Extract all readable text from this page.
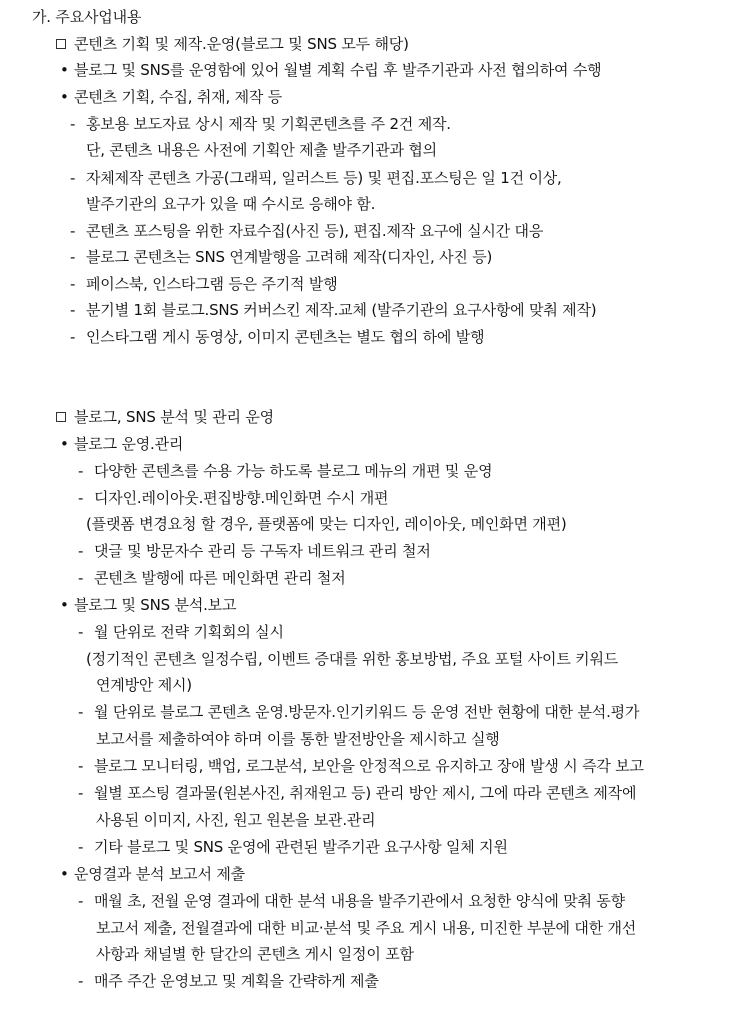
가. 주요사업내용
콘텐츠 기획 및 제작.운영(블로그 및 SNS 모두 해당)
• 블로그 및 SNS를 운영함에 있어 월별 계획 수립 후 발주기관과 사전 협의하여 수행
• 콘텐츠 기획, 수집, 취재, 제작 등
- 홍보용 보도자료 상시 제작 및 기획콘텐츠를 주 2건 제작.
단, 콘텐츠 내용은 사전에 기획안 제출 발주기관과 협의
- 자체제작 콘텐츠 가공(그래픽, 일러스트 등) 및 편집.포스팅은 일 1건 이상,
발주기관의 요구가 있을 때 수시로 응해야 함.
- 콘텐츠 포스팅을 위한 자료수집(사진 등), 편집.제작 요구에 실시간 대응
- 블로그 콘텐츠는 SNS 연계발행을 고려해 제작(디자인, 사진 등)
- 페이스북, 인스타그램 등은 주기적 발행
- 분기별 1회 블로그.SNS 커버스킨 제작.교체 (발주기관의 요구사항에 맞춰 제작)
- 인스타그램 게시 동영상, 이미지 콘텐츠는 별도 협의 하에 발행
블로그, SNS 분석 및 관리 운영
• 블로그 운영.관리
- 다양한 콘텐츠를 수용 가능 하도록 블로그 메뉴의 개편 및 운영
- 디자인.레이아웃.편집방향.메인화면 수시 개편
(플랫폼 변경요청 할 경우, 플랫폼에 맞는 디자인, 레이아웃, 메인화면 개편)
- 댓글 및 방문자수 관리 등 구독자 네트워크 관리 철저
- 콘텐츠 발행에 따른 메인화면 관리 철저
• 블로그 및 SNS 분석.보고
- 월 단위로 전략 기획회의 실시
(정기적인 콘텐츠 일정수립, 이벤트 증대를 위한 홍보방법, 주요 포털 사이트 키워드
연계방안 제시)
- 월 단위로 블로그 콘텐츠 운영.방문자.인기키워드 등 운영 전반 현황에 대한 분석.평가
보고서를 제출하여야 하며 이를 통한 발전방안을 제시하고 실행
- 블로그 모니터링, 백업, 로그분석, 보안을 안정적으로 유지하고 장애 발생 시 즉각 보고
- 월별 포스팅 결과물(원본사진, 취재원고 등) 관리 방안 제시, 그에 따라 콘텐츠 제작에
사용된 이미지, 사진, 원고 원본을 보관.관리
- 기타 블로그 및 SNS 운영에 관련된 발주기관 요구사항 일체 지원
• 운영결과 분석 보고서 제출
- 매월 초, 전월 운영 결과에 대한 분석 내용을 발주기관에서 요청한 양식에 맞춰 동향
보고서 제출, 전월결과에 대한 비교·분석 및 주요 게시 내용, 미진한 부분에 대한 개선
사항과 채널별 한 달간의 콘텐츠 게시 일정이 포함
- 매주 주간 운영보고 및 계획을 간략하게 제출
